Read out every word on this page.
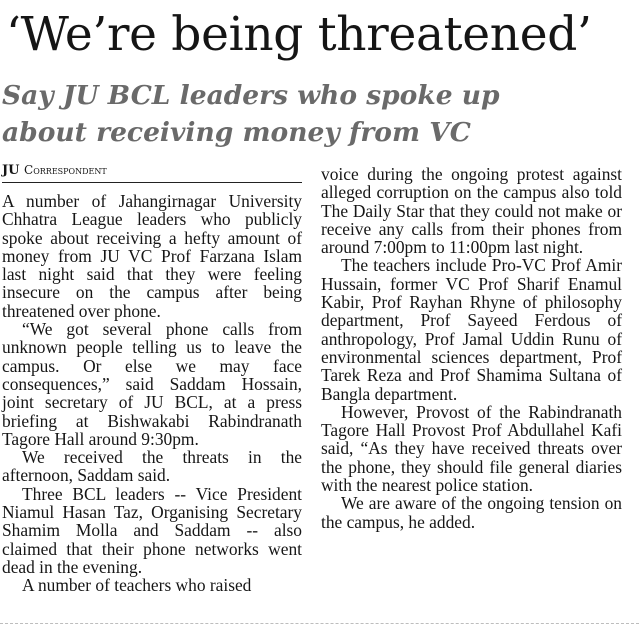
‘We’re being threatened’
Say JU BCL leaders who spoke up about receiving money from VC
JU Correspondent

A number of Jahangirnagar University Chhatra League leaders who publicly spoke about receiving a hefty amount of money from JU VC Prof Farzana Islam last night said that they were feeling insecure on the campus after being threatened over phone.

“We got several phone calls from unknown people telling us to leave the campus. Or else we may face consequences,” said Saddam Hossain, joint secretary of JU BCL, at a press briefing at Bishwakabi Rabindranath Tagore Hall around 9:30pm.

We received the threats in the afternoon, Saddam said.

Three BCL leaders -- Vice President Niamul Hasan Taz, Organising Secretary Shamim Molla and Saddam -- also claimed that their phone networks went dead in the evening.

A number of teachers who raised

voice during the ongoing protest against alleged corruption on the campus also told The Daily Star that they could not make or receive any calls from their phones from around 7:00pm to 11:00pm last night.

The teachers include Pro-VC Prof Amir Hussain, former VC Prof Sharif Enamul Kabir, Prof Rayhan Rhyne of philosophy department, Prof Sayeed Ferdous of anthropology, Prof Jamal Uddin Runu of environmental sciences department, Prof Tarek Reza and Prof Shamima Sultana of Bangla department.

However, Provost of the Rabindranath Tagore Hall Provost Prof Abdullahel Kafi said, “As they have received threats over the phone, they should file general diaries with the nearest police station.

We are aware of the ongoing tension on the campus, he added.
